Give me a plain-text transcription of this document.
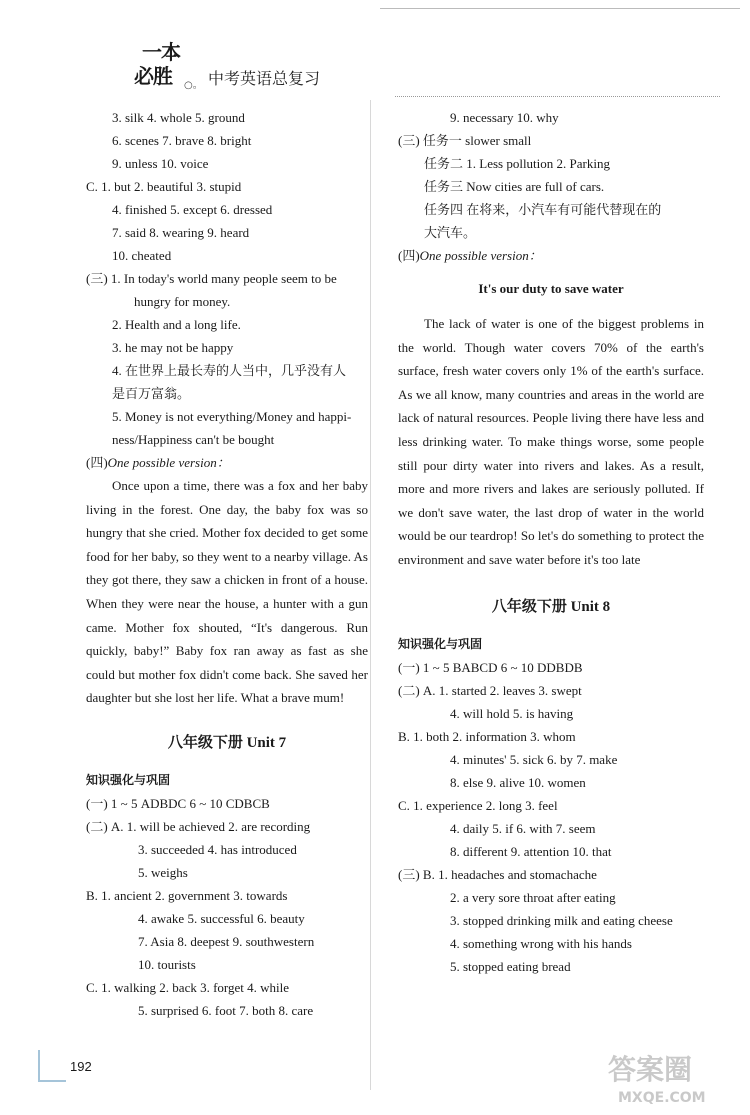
一本
必胜 ○。 中考英语总复习
3. silk 4. whole 5. ground
6. scenes 7. brave 8. bright
9. unless 10. voice
C. 1. but 2. beautiful 3. stupid
4. finished 5. except 6. dressed
7. said 8. wearing 9. heard
10. cheated
(三) 1. In today's world many people seem to be
hungry for money.
2. Health and a long life.
3. he may not be happy
4. 在世界上最长寿的人当中，几乎没有人
是百万富翁。
5. Money is not everything/Money and happi-
ness/Happiness can't be bought
(四)One possible version：
Once upon a time, there was a fox and her baby living in the forest. One day, the baby fox was so hungry that she cried. Mother fox decided to get some food for her baby, so they went to a nearby village. As they got there, they saw a chicken in front of a house. When they were near the house, a hunter with a gun came. Mother fox shouted, “It's dangerous. Run quickly, baby!” Baby fox ran away as fast as she could but mother fox didn't come back. She saved her daughter but she lost her life. What a brave mum!
八年级下册 Unit 7
知识强化与巩固
(一) 1 ~ 5 ADBDC 6 ~ 10 CDBCB
(二) A. 1. will be achieved 2. are recording
3. succeeded 4. has introduced
5. weighs
B. 1. ancient 2. government 3. towards
4. awake 5. successful 6. beauty
7. Asia 8. deepest 9. southwestern
10. tourists
C. 1. walking 2. back 3. forget 4. while
5. surprised 6. foot 7. both 8. care
9. necessary 10. why
(三) 任务一 slower small
任务二 1. Less pollution 2. Parking
任务三 Now cities are full of cars.
任务四 在将来，小汽车有可能代替现在的
大汽车。
(四)One possible version：
It's our duty to save water
The lack of water is one of the biggest problems in the world. Though water covers 70% of the earth's surface, fresh water covers only 1% of the earth's surface. As we all know, many countries and areas in the world are lack of natural resources. People living there have less and less drinking water. To make things worse, some people still pour dirty water into rivers and lakes. As a result, more and more rivers and lakes are seriously polluted. If we don't save water, the last drop of water in the world would be our teardrop! So let's do something to protect the environment and save water before it's too late
八年级下册 Unit 8
知识强化与巩固
(一) 1 ~ 5 BABCD 6 ~ 10 DDBDB
(二) A. 1. started 2. leaves 3. swept
4. will hold 5. is having
B. 1. both 2. information 3. whom
4. minutes' 5. sick 6. by 7. make
8. else 9. alive 10. women
C. 1. experience 2. long 3. feel
4. daily 5. if 6. with 7. seem
8. different 9. attention 10. that
(三) B. 1. headaches and stomachache
2. a very sore throat after eating
3. stopped drinking milk and eating cheese
4. something wrong with his hands
5. stopped eating bread
192	答案圈
MXQE.COM
